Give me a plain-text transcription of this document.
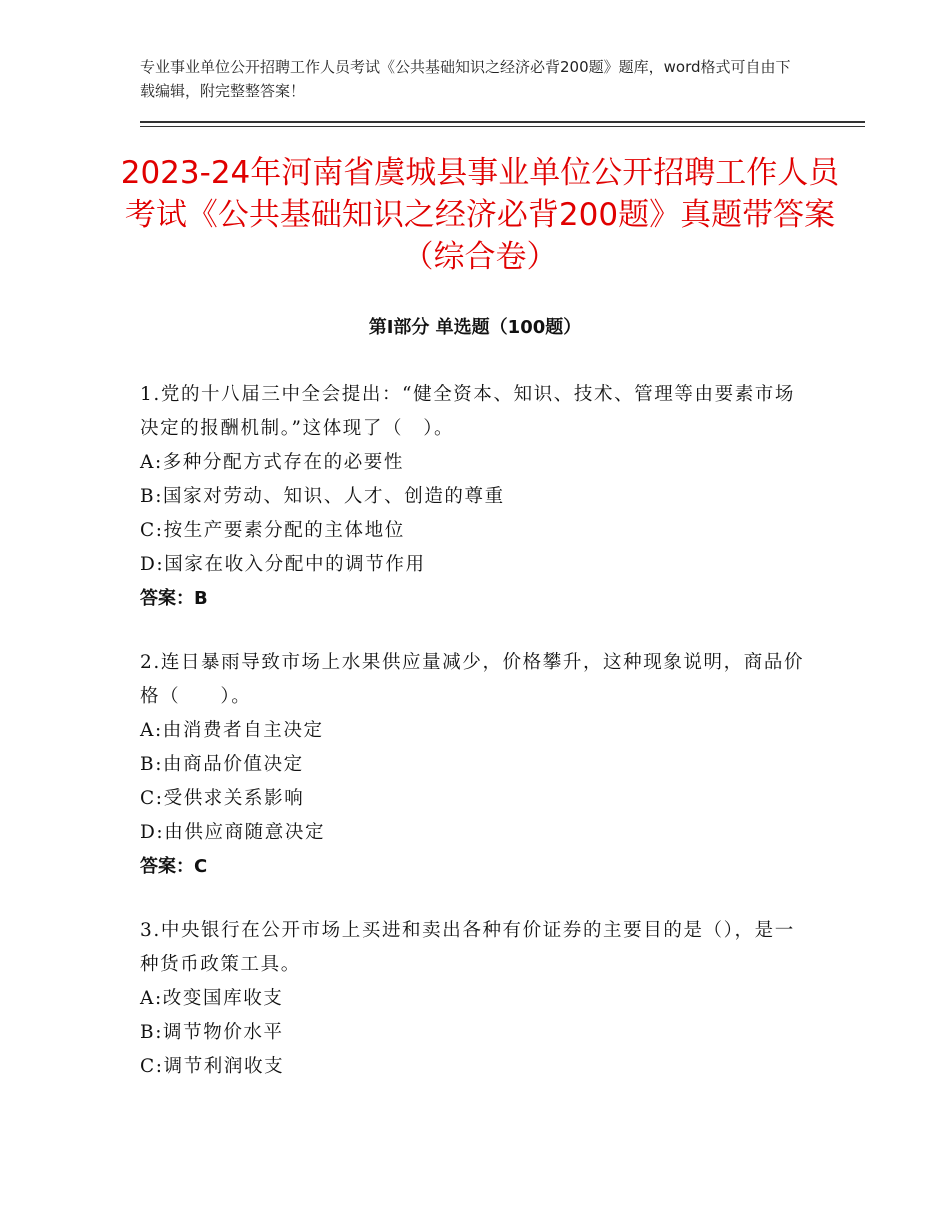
专业事业单位公开招聘工作人员考试《公共基础知识之经济必背200题》题库，word格式可自由下载编辑，附完整整答案！
2023-24年河南省虞城县事业单位公开招聘工作人员考试《公共基础知识之经济必背200题》真题带答案（综合卷）
第Ⅰ部分 单选题（100题）
1.党的十八届三中全会提出：“健全资本、知识、技术、管理等由要素市场决定的报酬机制。”这体现了（　）。
A:多种分配方式存在的必要性
B:国家对劳动、知识、人才、创造的尊重
C:按生产要素分配的主体地位
D:国家在收入分配中的调节作用
答案：B
2.连日暴雨导致市场上水果供应量减少，价格攀升，这种现象说明，商品价格（　　）。
A:由消费者自主决定
B:由商品价值决定
C:受供求关系影响
D:由供应商随意决定
答案：C
3.中央银行在公开市场上买进和卖出各种有价证券的主要目的是（），是一种货币政策工具。
A:改变国库收支
B:调节物价水平
C:调节利润收支
